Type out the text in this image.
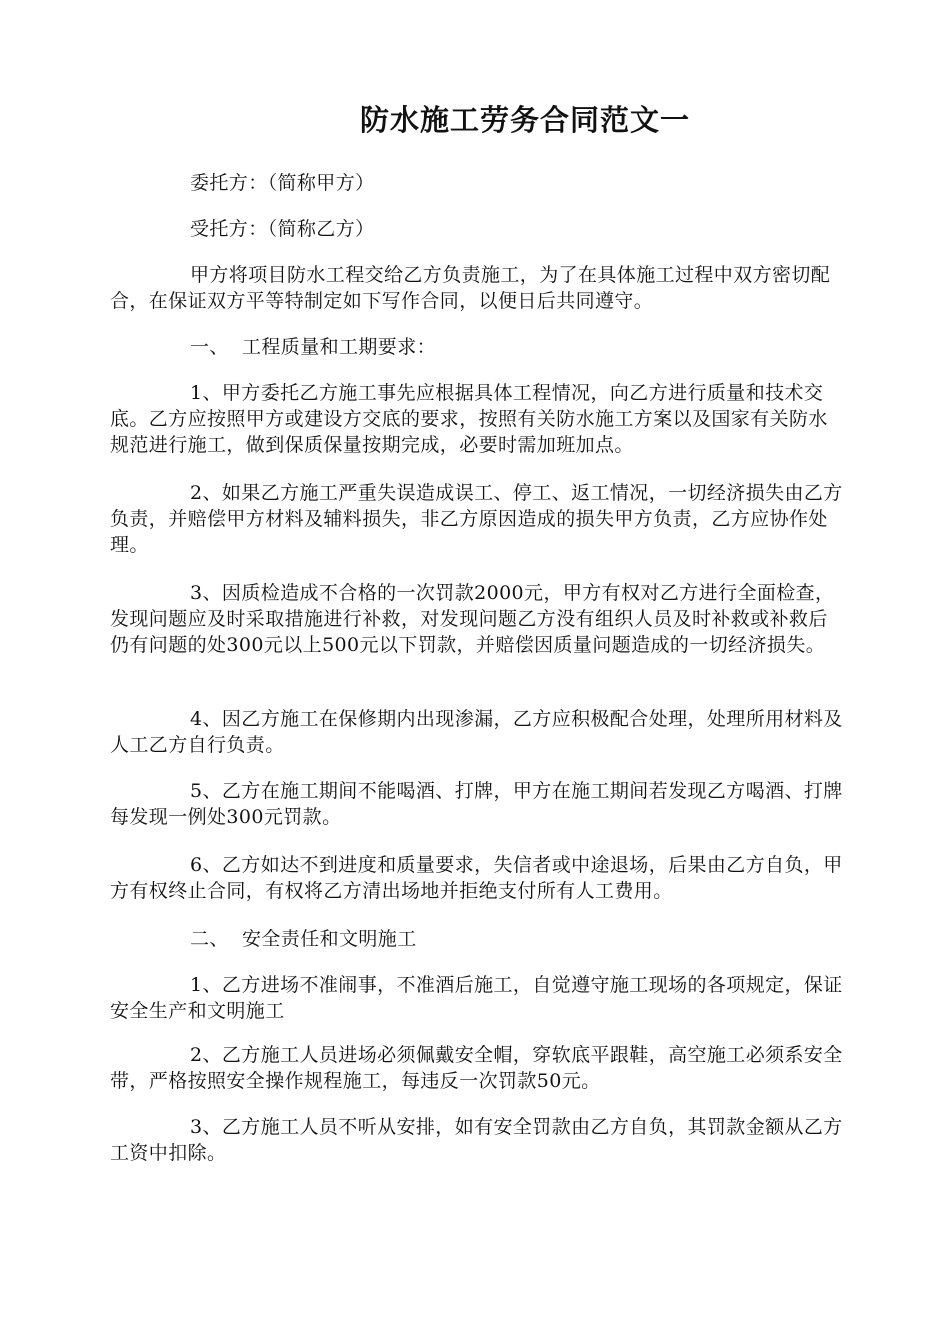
防水施工劳务合同范文一

委托方：（简称甲方）

受托方：（简称乙方）

甲方将项目防水工程交给乙方负责施工，为了在具体施工过程中双方密切配合，在保证双方平等特制定如下写作合同，以便日后共同遵守。

一、 工程质量和工期要求：

1、甲方委托乙方施工事先应根据具体工程情况，向乙方进行质量和技术交底。乙方应按照甲方或建设方交底的要求，按照有关防水施工方案以及国家有关防水规范进行施工，做到保质保量按期完成，必要时需加班加点。

2、如果乙方施工严重失误造成误工、停工、返工情况，一切经济损失由乙方负责，并赔偿甲方材料及辅料损失，非乙方原因造成的损失甲方负责，乙方应协作处理。

3、因质检造成不合格的一次罚款2000元，甲方有权对乙方进行全面检查，发现问题应及时采取措施进行补救，对发现问题乙方没有组织人员及时补救或补救后仍有问题的处300元以上500元以下罚款，并赔偿因质量问题造成的一切经济损失。

4、因乙方施工在保修期内出现渗漏，乙方应积极配合处理，处理所用材料及人工乙方自行负责。

5、乙方在施工期间不能喝酒、打牌，甲方在施工期间若发现乙方喝酒、打牌每发现一例处300元罚款。

6、乙方如达不到进度和质量要求，失信者或中途退场，后果由乙方自负，甲方有权终止合同，有权将乙方清出场地并拒绝支付所有人工费用。

二、 安全责任和文明施工

1、乙方进场不准闹事，不准酒后施工，自觉遵守施工现场的各项规定，保证安全生产和文明施工

2、乙方施工人员进场必须佩戴安全帽，穿软底平跟鞋，高空施工必须系安全带，严格按照安全操作规程施工，每违反一次罚款50元。

3、乙方施工人员不听从安排，如有安全罚款由乙方自负，其罚款金额从乙方工资中扣除。
